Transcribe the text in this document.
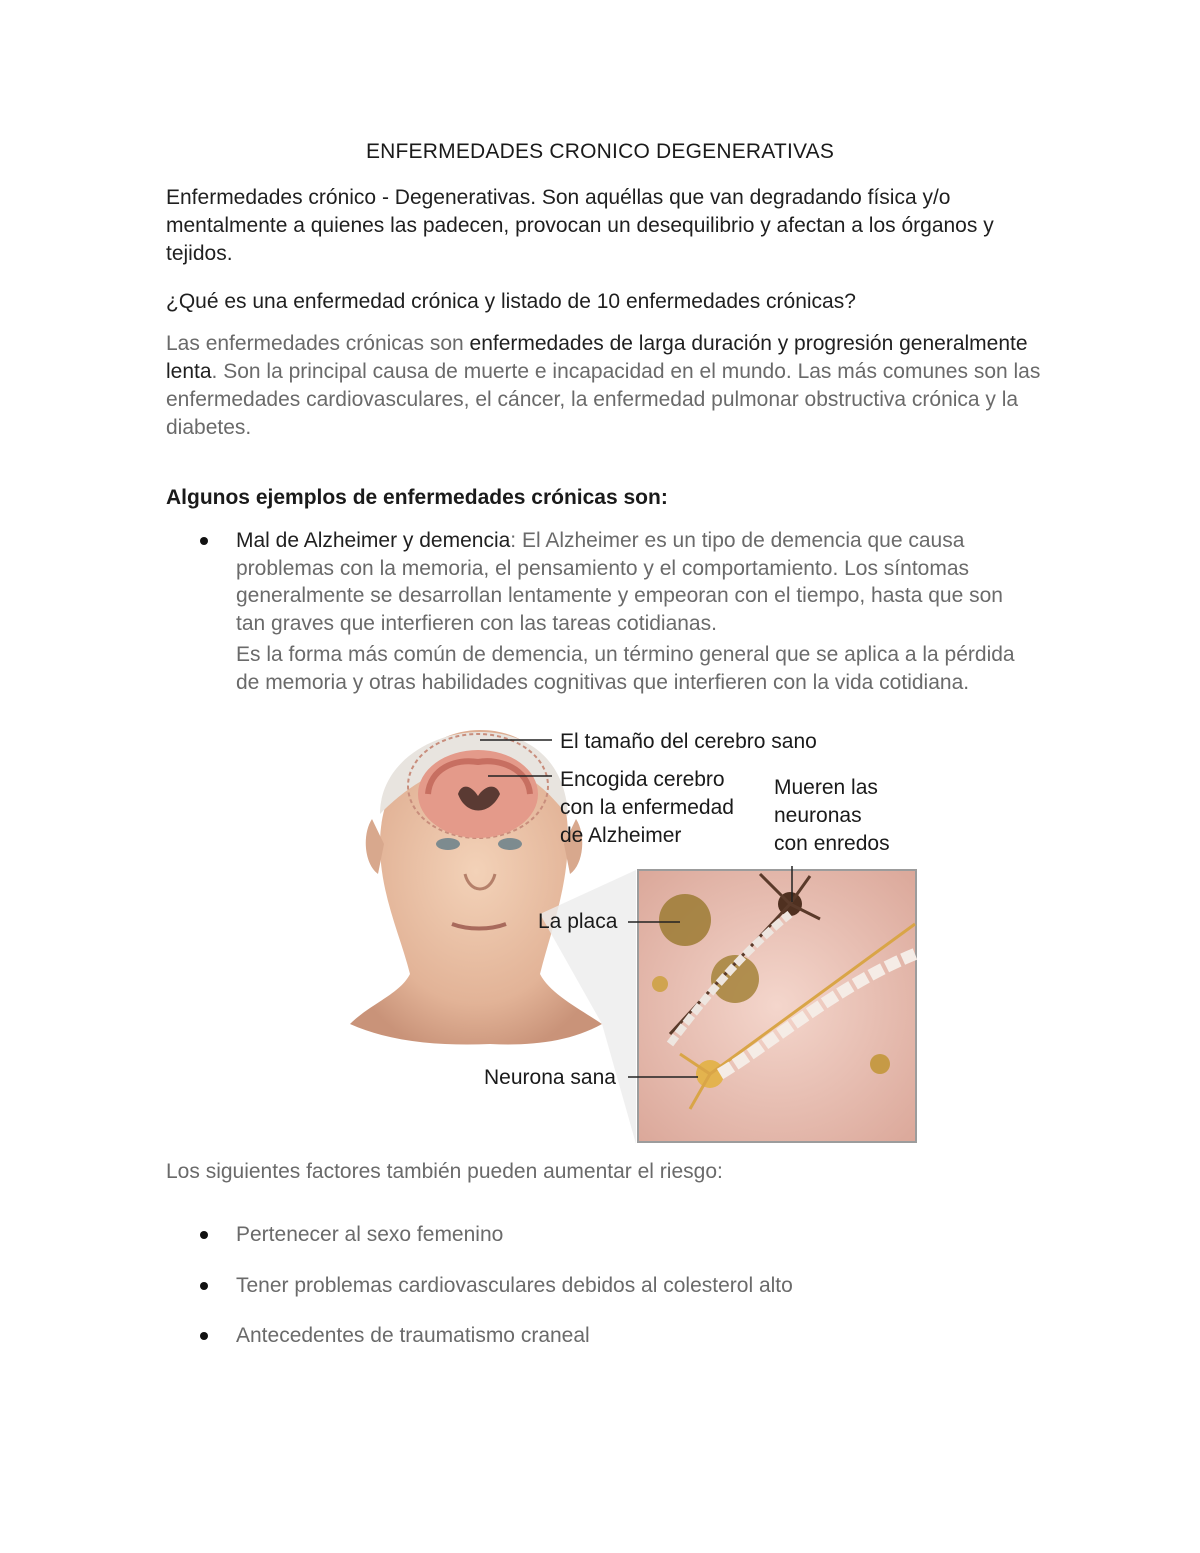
ENFERMEDADES CRONICO DEGENERATIVAS
Enfermedades crónico - Degenerativas. Son aquéllas que van degradando física y/o mentalmente a quienes las padecen, provocan un desequilibrio y afectan a los órganos y tejidos.
¿Qué es una enfermedad crónica y listado de 10 enfermedades crónicas?
Las enfermedades crónicas son enfermedades de larga duración y progresión generalmente lenta. Son la principal causa de muerte e incapacidad en el mundo. Las más comunes son las enfermedades cardiovasculares, el cáncer, la enfermedad pulmonar obstructiva crónica y la diabetes.
Algunos ejemplos de enfermedades crónicas son:
Mal de Alzheimer y demencia: El Alzheimer es un tipo de demencia que causa problemas con la memoria, el pensamiento y el comportamiento. Los síntomas generalmente se desarrollan lentamente y empeoran con el tiempo, hasta que son tan graves que interfieren con las tareas cotidianas.
Es la forma más común de demencia, un término general que se aplica a la pérdida de memoria y otras habilidades cognitivas que interfieren con la vida cotidiana.
El tamaño del cerebro sano
Encogida cerebro
con la enfermedad
de Alzheimer
Mueren las
neuronas
con enredos
La placa
Neurona sana
Los siguientes factores también pueden aumentar el riesgo:
Pertenecer al sexo femenino
Tener problemas cardiovasculares debidos al colesterol alto
Antecedentes de traumatismo craneal
